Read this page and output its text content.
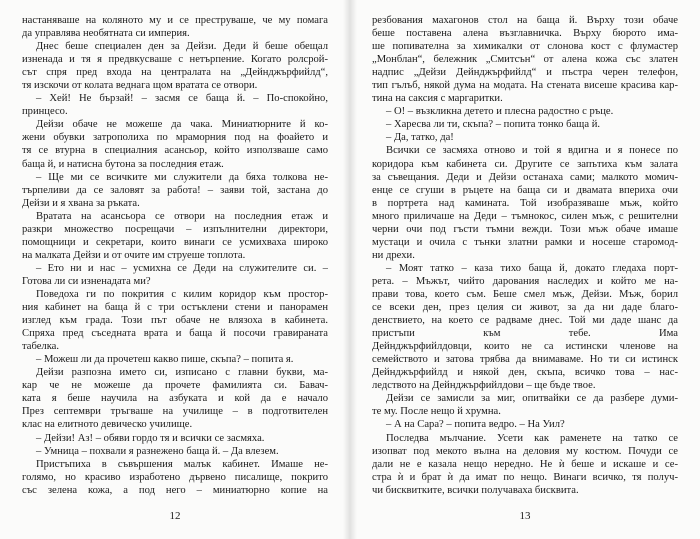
настаняваше на коляното му и се преструваше, че му помага
да управлява необятната си империя.
Днес беше специален ден за Дейзи. Деди й беше обещал
изненада и тя я предвкусваше с нетърпение. Когато ролсрой-
сът спря пред входа на централата на „Дейнджърфийлд“,
тя изскочи от колата веднага щом вратата се отвори.
– Хей! Не бързай! – засмя се баща й. – По-спокойно,
принцесо.
Дейзи обаче не можеше да чака. Миниатюрните й ко-
жени обувки затрополиха по мраморния под на фоайето и
тя се втурна в специалния асансьор, който използваше само
баща й, и натисна бутона за последния етаж.
– Ще ми се всичките ми служители да бяха толкова не-
търпеливи да се заловят за работа! – заяви той, застана до
Дейзи и я хвана за ръката.
Вратата на асансьора се отвори на последния етаж и
разкри множество посрещачи – изпълнителни директори,
помощници и секретари, които винаги се усмихваха широко
на малката Дейзи и от очите им струеше топлота.
– Ето ни и нас – усмихна се Деди на служителите си. –
Готова ли си изненадата ми?
Поведоха ги по покрития с килим коридор към простор-
ния кабинет на баща й с три остъклени стени и панорамен
изглед към града. Този път обаче не влязоха в кабинета.
Спряха пред съседната врата и баща й посочи гравираната
табелка.
– Можеш ли да прочетеш какво пише, скъпа? – попита я.
Дейзи разпозна името си, изписано с главни букви, ма-
кар че не можеше да прочете фамилията си. Бавач-
ката я беше научила на азбуката и кой да е начало
През септември тръгваше на училище – в подготвителен
клас на елитното девическо училище.
– Дейзи! Аз! – обяви гордо тя и всички се засмяха.
– Умница – похвали я разнежено баща й. – Да влезем.
Пристъпиха в съвършения малък кабинет. Имаше не-
голямо, но красиво изработено дървено писалище, покрито
със зелена кожа, а под него – миниатюрно копие на
12
резбования махагонов стол на баща й. Върху този обаче
беше поставена алена възглавничка. Върху бюрото има-
ше попивателна за химикалки от слонова кост с флумастер
„Монблан“, бележник „Смитсън“ от алена кожа със златен
надпис „Дейзи Дейнджърфийлд“ и пъстра черен телефон,
тип гълъб, някой дума на модата. На стената висеше красива кар-
тина на саксия с маргаритки.
– О! – възкликна детето и плесна радостно с ръце.
– Харесва ли ти, скъпа? – попита тонко баща й.
– Да, татко, да!
Всички се засмяха отново и той я вдигна и я понесе по
коридора към кабинета си. Другите се запътиха към залата
за съвещания. Деди и Дейзи останаха сами; малкото момич-
енце се сгуши в ръцете на баща си и двамата впериха очи
в портрета над камината. Той изобразяваше мъж, който
много приличаше на Деди – тъмнокос, силен мъж, с решителни
черни очи под гъсти тъмни вежди. Този мъж обаче имаше
мустаци и очила с тънки златни рамки и носеше старомод-
ни дрехи.
– Моят татко – каза тихо баща й, докато гледаха порт-
рета. – Мъжът, чийто дарования наследих и който ме на-
прави това, което съм. Беше смел мъж, Дейзи. Мъж, борил
се всеки ден, през целия си живот, за да ни даде благо-
денствието, на което се радваме днес. Той ми даде шанс да
пристъпи към тебе. Има
Дейнджърфийлдовци, които не са истински членове на
семейството и затова трябва да внимаваме. Но ти си истинск
Дейнджърфийлд и някой ден, скъпа, всичко това – нас-
ледството на Дейнджърфийлдови – ще бъде твое.
Дейзи се замисли за миг, опитвайки се да разбере думи-
те му. После нещо й хрумна.
– А на Сара? – попита ведро. – На Уил?
Последва мълчание. Усети как раменете на татко се
изопват под мекото вълна на деловия му костюм. Почуди се
дали не е казала нещо нередно. Не ѝ беше и искаше и се-
стра ѝ и брат ѝ да имат по нещо. Винаги всичко, тя получ-
чи бисквитките, всички получаваха бисквита.
13
